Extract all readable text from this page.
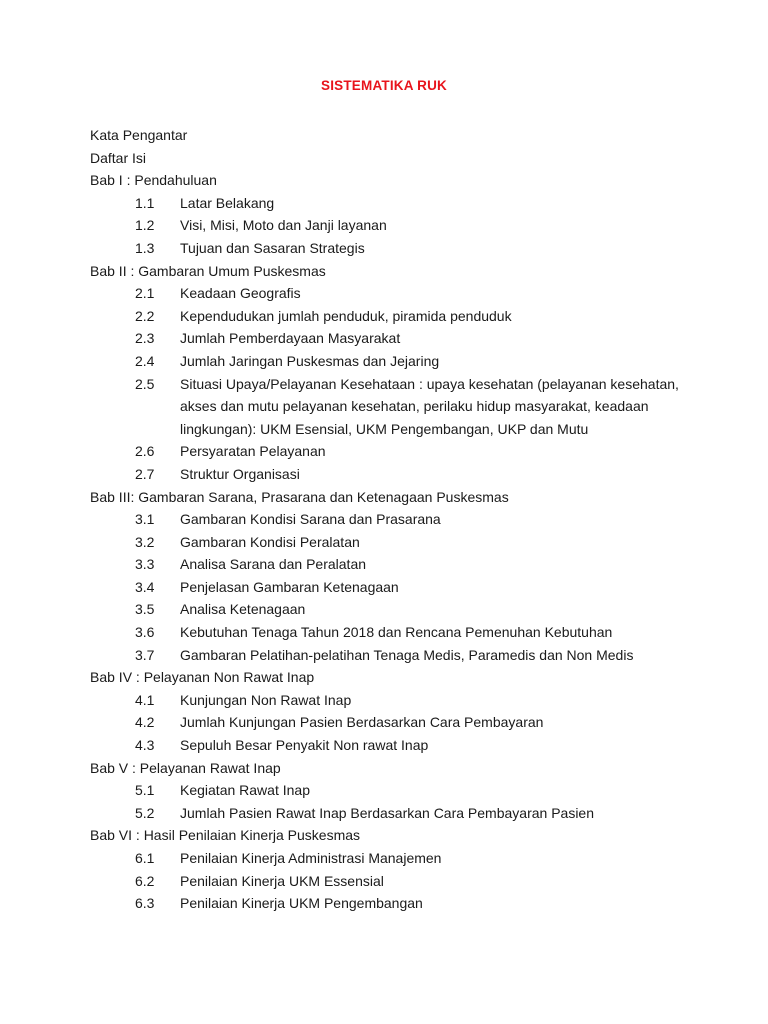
SISTEMATIKA RUK
Kata Pengantar
Daftar Isi
Bab I : Pendahuluan
1.1	Latar Belakang
1.2	Visi, Misi, Moto dan Janji layanan
1.3	Tujuan dan Sasaran Strategis
Bab II : Gambaran Umum Puskesmas
2.1	Keadaan Geografis
2.2	Kependudukan jumlah penduduk, piramida penduduk
2.3	Jumlah Pemberdayaan Masyarakat
2.4	Jumlah Jaringan Puskesmas dan Jejaring
2.5	Situasi Upaya/Pelayanan Kesehataan : upaya kesehatan (pelayanan kesehatan, akses dan mutu pelayanan kesehatan, perilaku hidup masyarakat, keadaan lingkungan): UKM Esensial, UKM Pengembangan, UKP dan Mutu
2.6	Persyaratan Pelayanan
2.7	Struktur Organisasi
Bab III: Gambaran Sarana, Prasarana dan Ketenagaan Puskesmas
3.1	Gambaran Kondisi Sarana dan Prasarana
3.2	Gambaran Kondisi Peralatan
3.3	Analisa Sarana dan Peralatan
3.4	Penjelasan Gambaran Ketenagaan
3.5	Analisa Ketenagaan
3.6	Kebutuhan Tenaga Tahun 2018 dan Rencana Pemenuhan Kebutuhan
3.7	Gambaran Pelatihan-pelatihan Tenaga Medis, Paramedis dan Non Medis
Bab IV : Pelayanan Non Rawat Inap
4.1	Kunjungan Non Rawat Inap
4.2	Jumlah Kunjungan Pasien Berdasarkan Cara Pembayaran
4.3	Sepuluh Besar Penyakit Non rawat Inap
Bab V : Pelayanan Rawat Inap
5.1	Kegiatan Rawat Inap
5.2	Jumlah Pasien Rawat Inap Berdasarkan Cara Pembayaran Pasien
Bab VI : Hasil Penilaian Kinerja Puskesmas
6.1	Penilaian Kinerja Administrasi Manajemen
6.2	Penilaian Kinerja UKM Essensial
6.3	Penilaian Kinerja UKM Pengembangan
